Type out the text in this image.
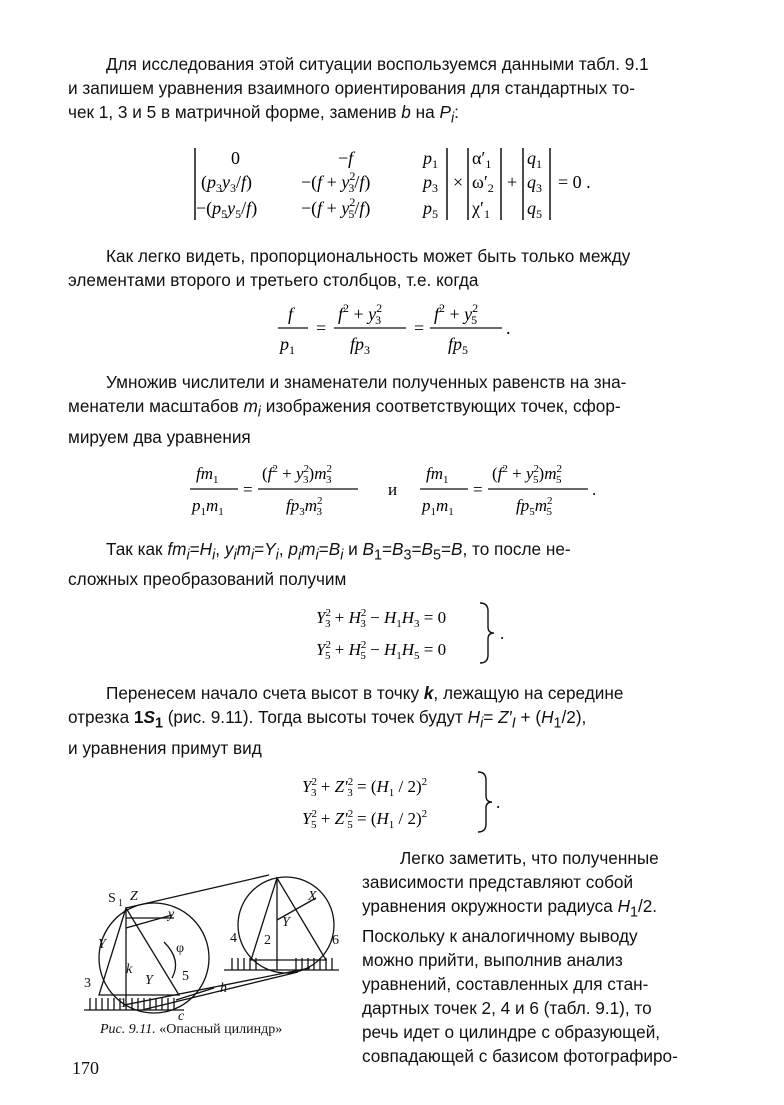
Для исследования этой ситуации воспользуемся данными табл. 9.1

и запишем уравнения взаимного ориентирования для стандартных то-

чек 1, 3 и 5 в матричной форме, заменив b на $P_i$:

0	−f	$p_1$
$(p_3y_3/f)$	$-(f + y^2$ 3/f)	$p_3$
$-(p_5y_5/f) -(f + y^2$ 5/f)	$p_5$
×
$\alpha'_1$
$\omega'_2$
$\chi'_1$
+
$q_1$
$q_3$
$q_5$
= 0 .

Как легко видеть, пропорциональность может быть только между

элементами второго и третьего столбцов, т.е. когда

f
$p_1$
=
$f^2 + y^2$ 3
$fp_3$
=
$f^2 + y^2$ 5
$fp_5$
.

Умножив числители и знаменатели полученных равенств на зна-

менатели масштабов $m_i$ изображения соответствующих точек, сфор-

мируем два уравнения

$fm_1$
$p_1m_1$
=
($f^2 + y^2$ $3)m^2$ 3
$fp_3m^2$ 3
и
$fm_1$
$p_1m_1$
=
($f^2 + y^2$ $5)m^2$ 5
$fp_5m^2$ 5
.

Так как $fm_i=H_i$, $y_im_i=Y_i$, $p_im_i=B_i$ и $B_1=B_3=B_5=B$, то после не-

сложных преобразований получим

$Y^2$ $3 + H^2$ $3 - H_1H_3 = 0$
$Y^2$ $5 + H^2$ $5 - H_1H_5 = 0$
.

Перенесем начало счета высот в точку k, лежащую на середине

отрезка $1S_1$ (рис. 9.11). Тогда высоты точек будут $H_i= Z'_I + (H_1/2)$,

и уравнения примут вид

$Y^2$ $3 + Z'^2$ $3 = (H_1 / 2)^2$
$Y^2$ $5 + Z'^2$ $5 = (H_1 / 2)^2$
.
S 1 Z
y
Y
k
φ
3
1
Y 5
c
h
4 2
Y
X
6
Рис. 9.11. «Опасный цилиндр»
Легко заметить, что полученные
зависимости представляют собой
уравнения окружности радиуса $H_1/2$.
Поскольку к аналогичному выводу
можно прийти, выполнив анализ
уравнений, составленных для стан-
дартных точек 2, 4 и 6 (табл. 9.1), то
речь идет о цилиндре с образующей,
совпадающей с базисом фотографиро-
170
